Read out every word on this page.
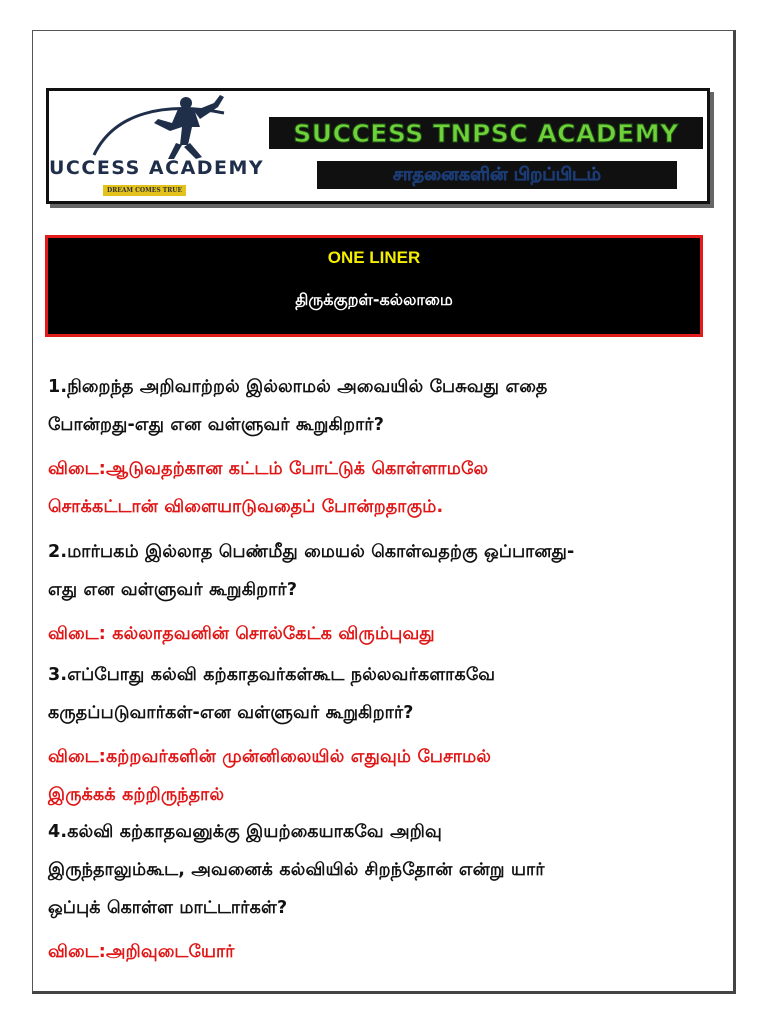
UCCESS ACADEMY
DREAM COMES TRUE
SUCCESS TNPSC ACADEMY
சாதனைகளின் பிறப்பிடம்
ONE LINER
திருக்குறள்-கல்லாமை
1.நிறைந்த அறிவாற்றல் இல்லாமல் அவையில் பேசுவது எதை
போன்றது-எது என வள்ளுவர் கூறுகிறார்?
விடை:ஆடுவதற்கான கட்டம் போட்டுக் கொள்ளாமலே
சொக்கட்டான் விளையாடுவதைப் போன்றதாகும்.
2.மார்பகம் இல்லாத பெண்மீது மையல் கொள்வதற்கு ஒப்பானது-
எது என வள்ளுவர் கூறுகிறார்?
விடை: கல்லாதவனின் சொல்கேட்க விரும்புவது
3.எப்போது கல்வி கற்காதவர்கள்கூட நல்லவர்களாகவே
கருதப்படுவார்கள்-என வள்ளுவர் கூறுகிறார்?
விடை:கற்றவர்களின் முன்னிலையில் எதுவும் பேசாமல்
இருக்கக் கற்றிருந்தால்
4.கல்வி கற்காதவனுக்கு இயற்கையாகவே அறிவு
இருந்தாலும்கூட, அவனைக் கல்வியில் சிறந்தோன் என்று யார்
ஒப்புக் கொள்ள மாட்டார்கள்?
விடை:அறிவுடையோர்
